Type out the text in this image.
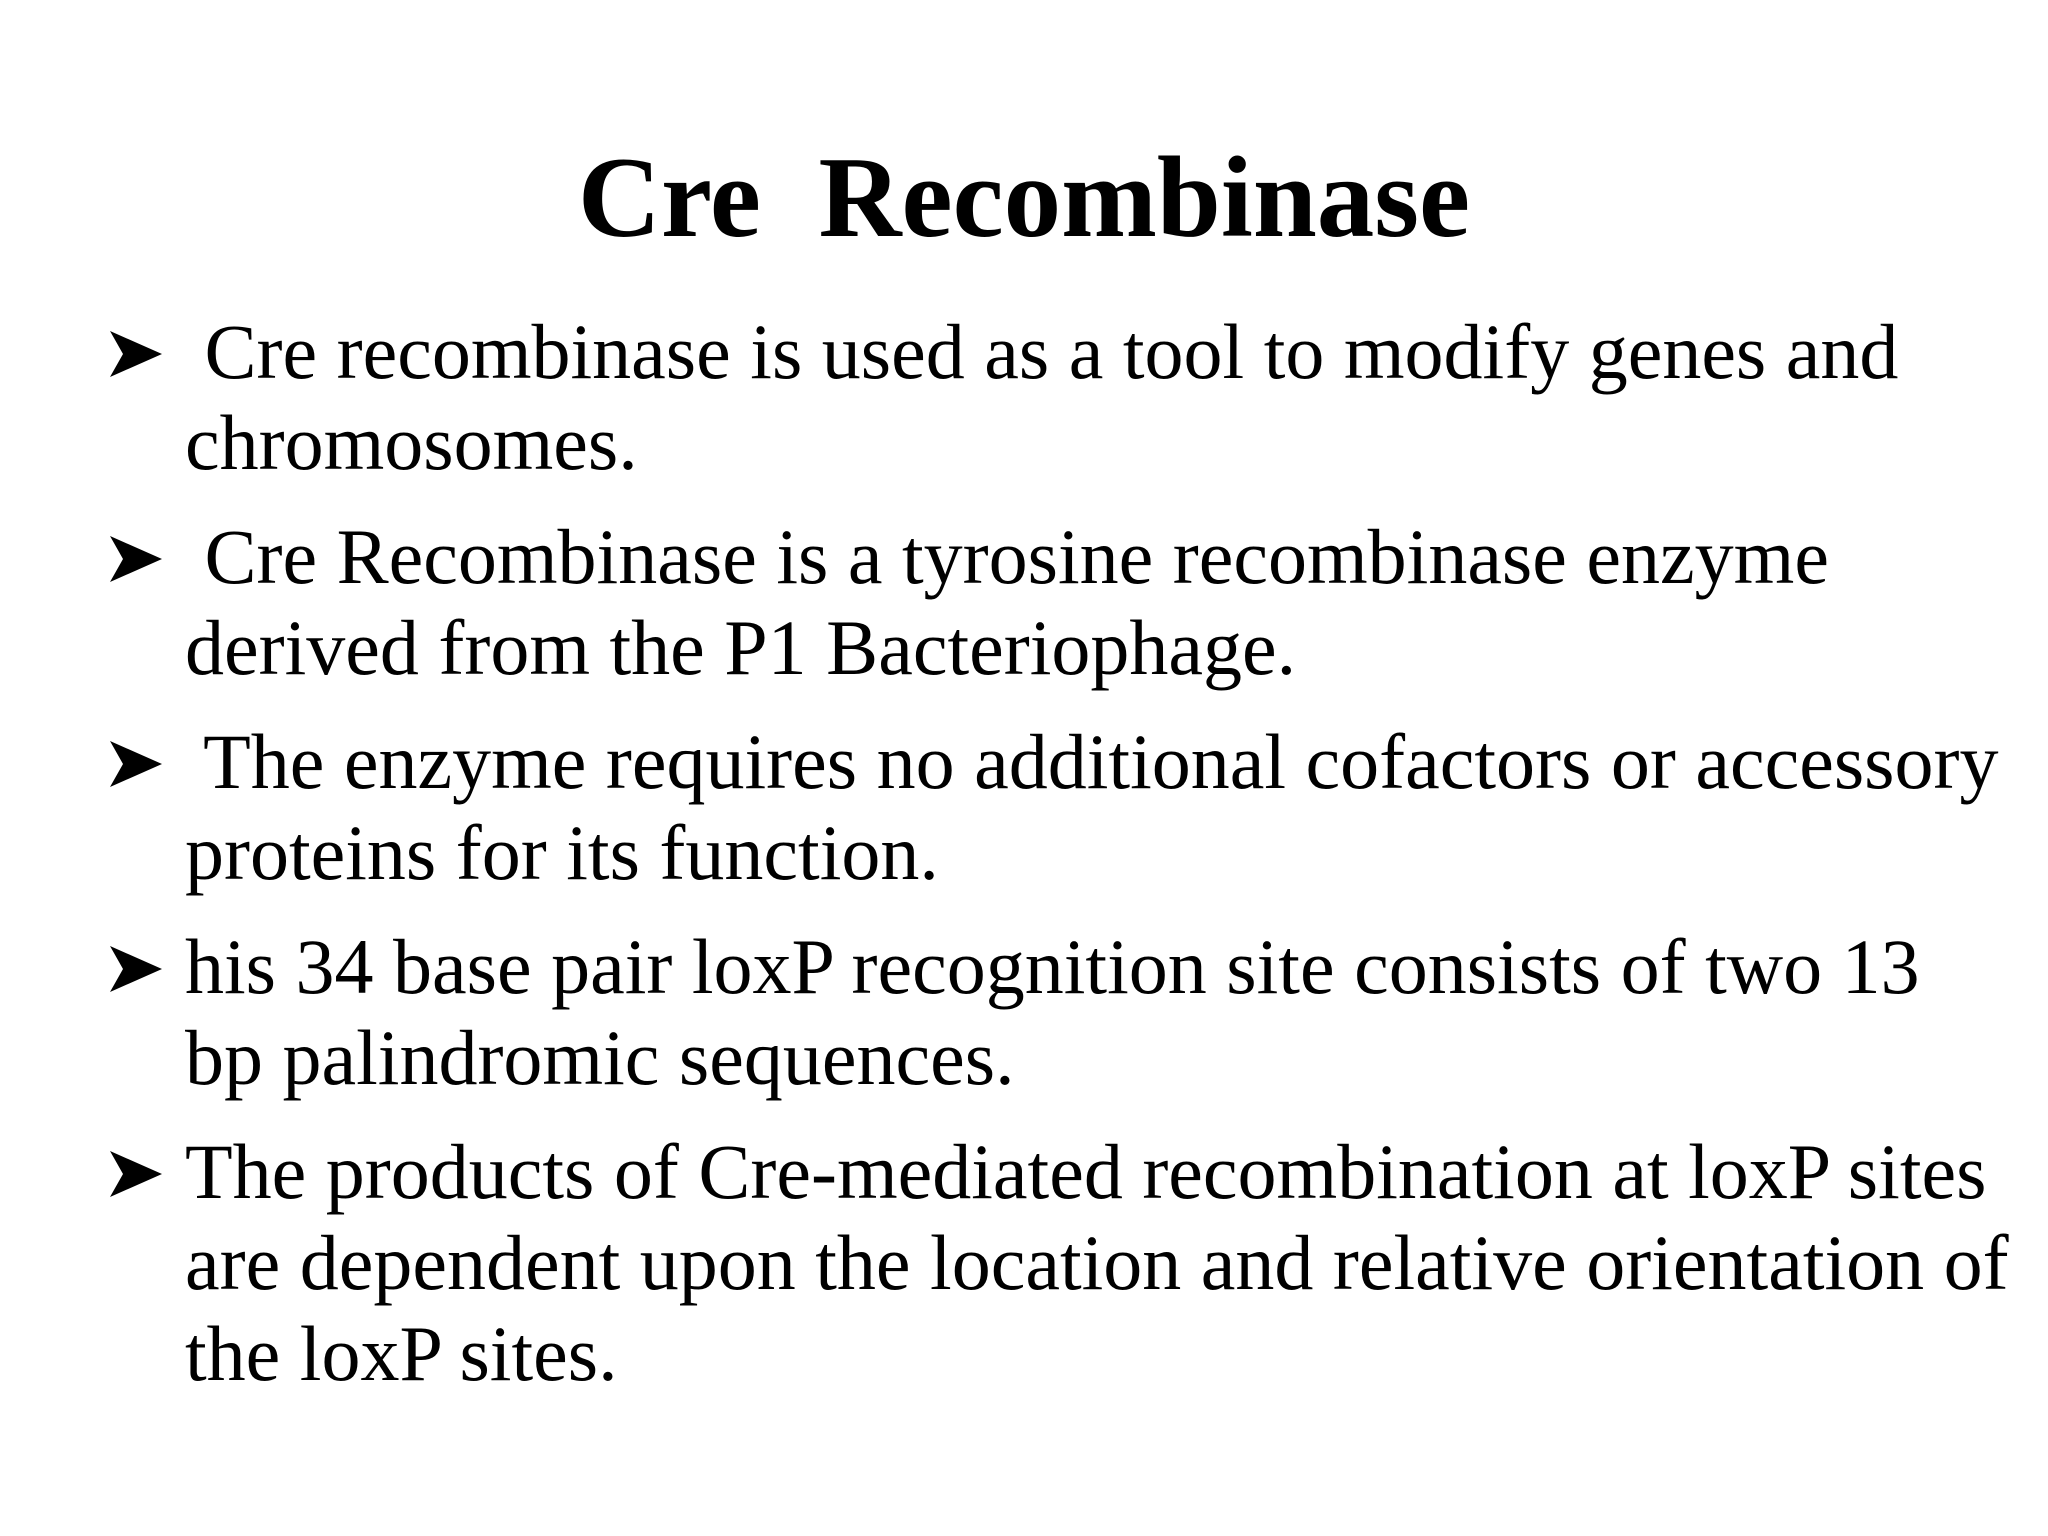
Cre  Recombinase
Cre recombinase is used as a tool to modify genes and chromosomes.
Cre Recombinase is a tyrosine recombinase enzyme derived from the P1 Bacteriophage.
The enzyme requires no additional cofactors or accessory proteins for its function.
his 34 base pair loxP recognition site consists of two 13 bp palindromic sequences.
The products of Cre-mediated recombination at loxP sites are dependent upon the location and relative orientation of the loxP sites.
